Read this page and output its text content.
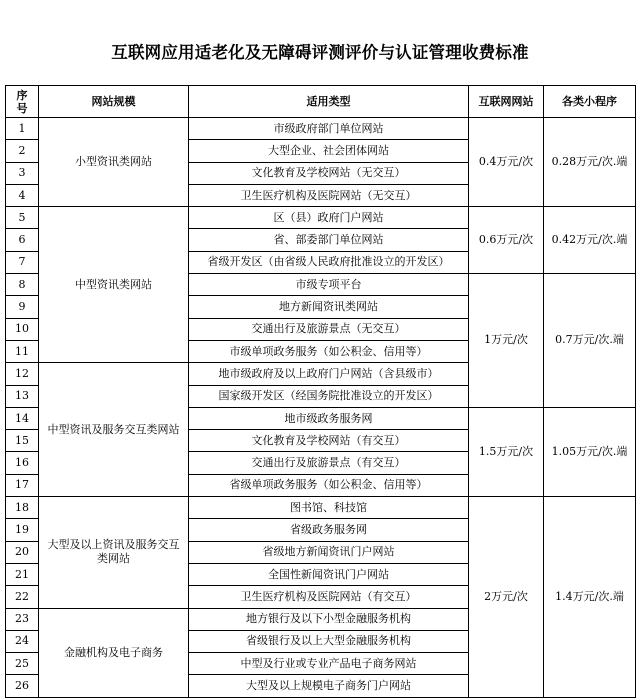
互联网应用适老化及无障碍评测评价与认证管理收费标准
序
号	网站规模	适用类型	互联网网站	各类小程序
1	小型资讯类网站	市级政府部门单位网站	0.4万元/次	0.28万元/次.端
2		大型企业、社会团体网站		
3		文化教育及学校网站（无交互）		
4		卫生医疗机构及医院网站（无交互）		
5	中型资讯类网站	区（县）政府门户网站	0.6万元/次	0.42万元/次.端
6		省、部委部门单位网站		
7		省级开发区（由省级人民政府批准设立的开发区）		
8		市级专项平台	1万元/次	0.7万元/次.端
9		地方新闻资讯类网站		
10		交通出行及旅游景点（无交互）		
11		市级单项政务服务（如公积金、信用等）		
12	中型资讯及服务交互类网站	地市级政府及以上政府门户网站（含县级市）		
13		国家级开发区（经国务院批准设立的开发区）		
14		地市级政务服务网	1.5万元/次	1.05万元/次.端
15		文化教育及学校网站（有交互）		
16		交通出行及旅游景点（有交互）		
17		省级单项政务服务（如公积金、信用等）		
18	大型及以上资讯及服务交互类网站	图书馆、科技馆	2万元/次	1.4万元/次.端
19		省级政务服务网		
20		省级地方新闻资讯门户网站		
21		全国性新闻资讯门户网站		
22		卫生医疗机构及医院网站（有交互）		
23	金融机构及电子商务	地方银行及以下小型金融服务机构		
24		省级银行及以上大型金融服务机构		
25		中型及行业或专业产品电子商务网站		
26		大型及以上规模电子商务门户网站		
